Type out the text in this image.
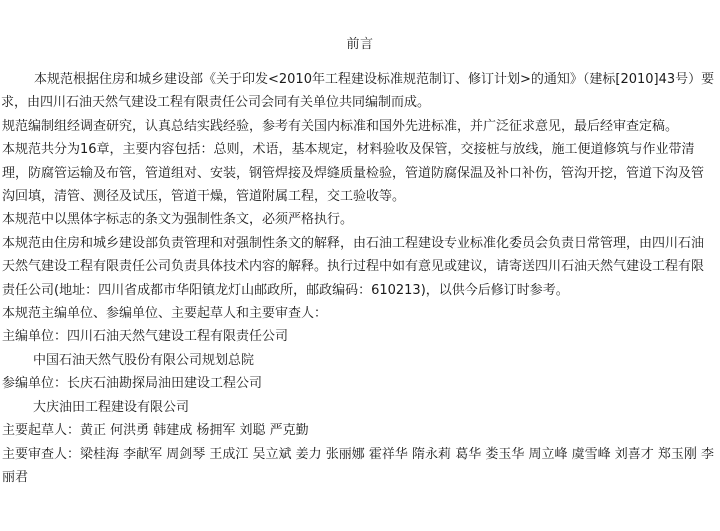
前言

本规范根据住房和城乡建设部《关于印发<2010年工程建设标准规范制订、修订计划>的通知》（建标[2010]43号）要求，由四川石油天然气建设工程有限责任公司会同有关单位共同编制而成。

规范编制组经调查研究，认真总结实践经验，参考有关国内标准和国外先进标准，并广泛征求意见，最后经审查定稿。

本规范共分为16章，主要内容包括：总则，术语，基本规定，材料验收及保管，交接桩与放线，施工便道修筑与作业带清理，防腐管运输及布管，管道组对、安装，钢管焊接及焊缝质量检验，管道防腐保温及补口补伤，管沟开挖，管道下沟及管沟回填，清管、测径及试压，管道干燥，管道附属工程，交工验收等。

本规范中以黑体字标志的条文为强制性条文，必须严格执行。

本规范由住房和城乡建设部负责管理和对强制性条文的解释，由石油工程建设专业标准化委员会负责日常管理，由四川石油天然气建设工程有限责任公司负责具体技术内容的解释。执行过程中如有意见或建议，请寄送四川石油天然气建设工程有限责任公司(地址：四川省成都市华阳镇龙灯山邮政所，邮政编码：610213)，以供今后修订时参考。

本规范主编单位、参编单位、主要起草人和主要审查人：

主编单位：四川石油天然气建设工程有限责任公司

中国石油天然气股份有限公司规划总院

参编单位：长庆石油勘探局油田建设工程公司

大庆油田工程建设有限公司

主要起草人：黄正 何洪勇 韩建成 杨拥军 刘聪 严克勤

主要审查人：梁桂海 李献军 周剑琴 王成江 吴立斌 姜力 张丽娜 霍祥华 隋永莉 葛华 娄玉华 周立峰 虞雪峰 刘喜才 郑玉刚 李丽君
